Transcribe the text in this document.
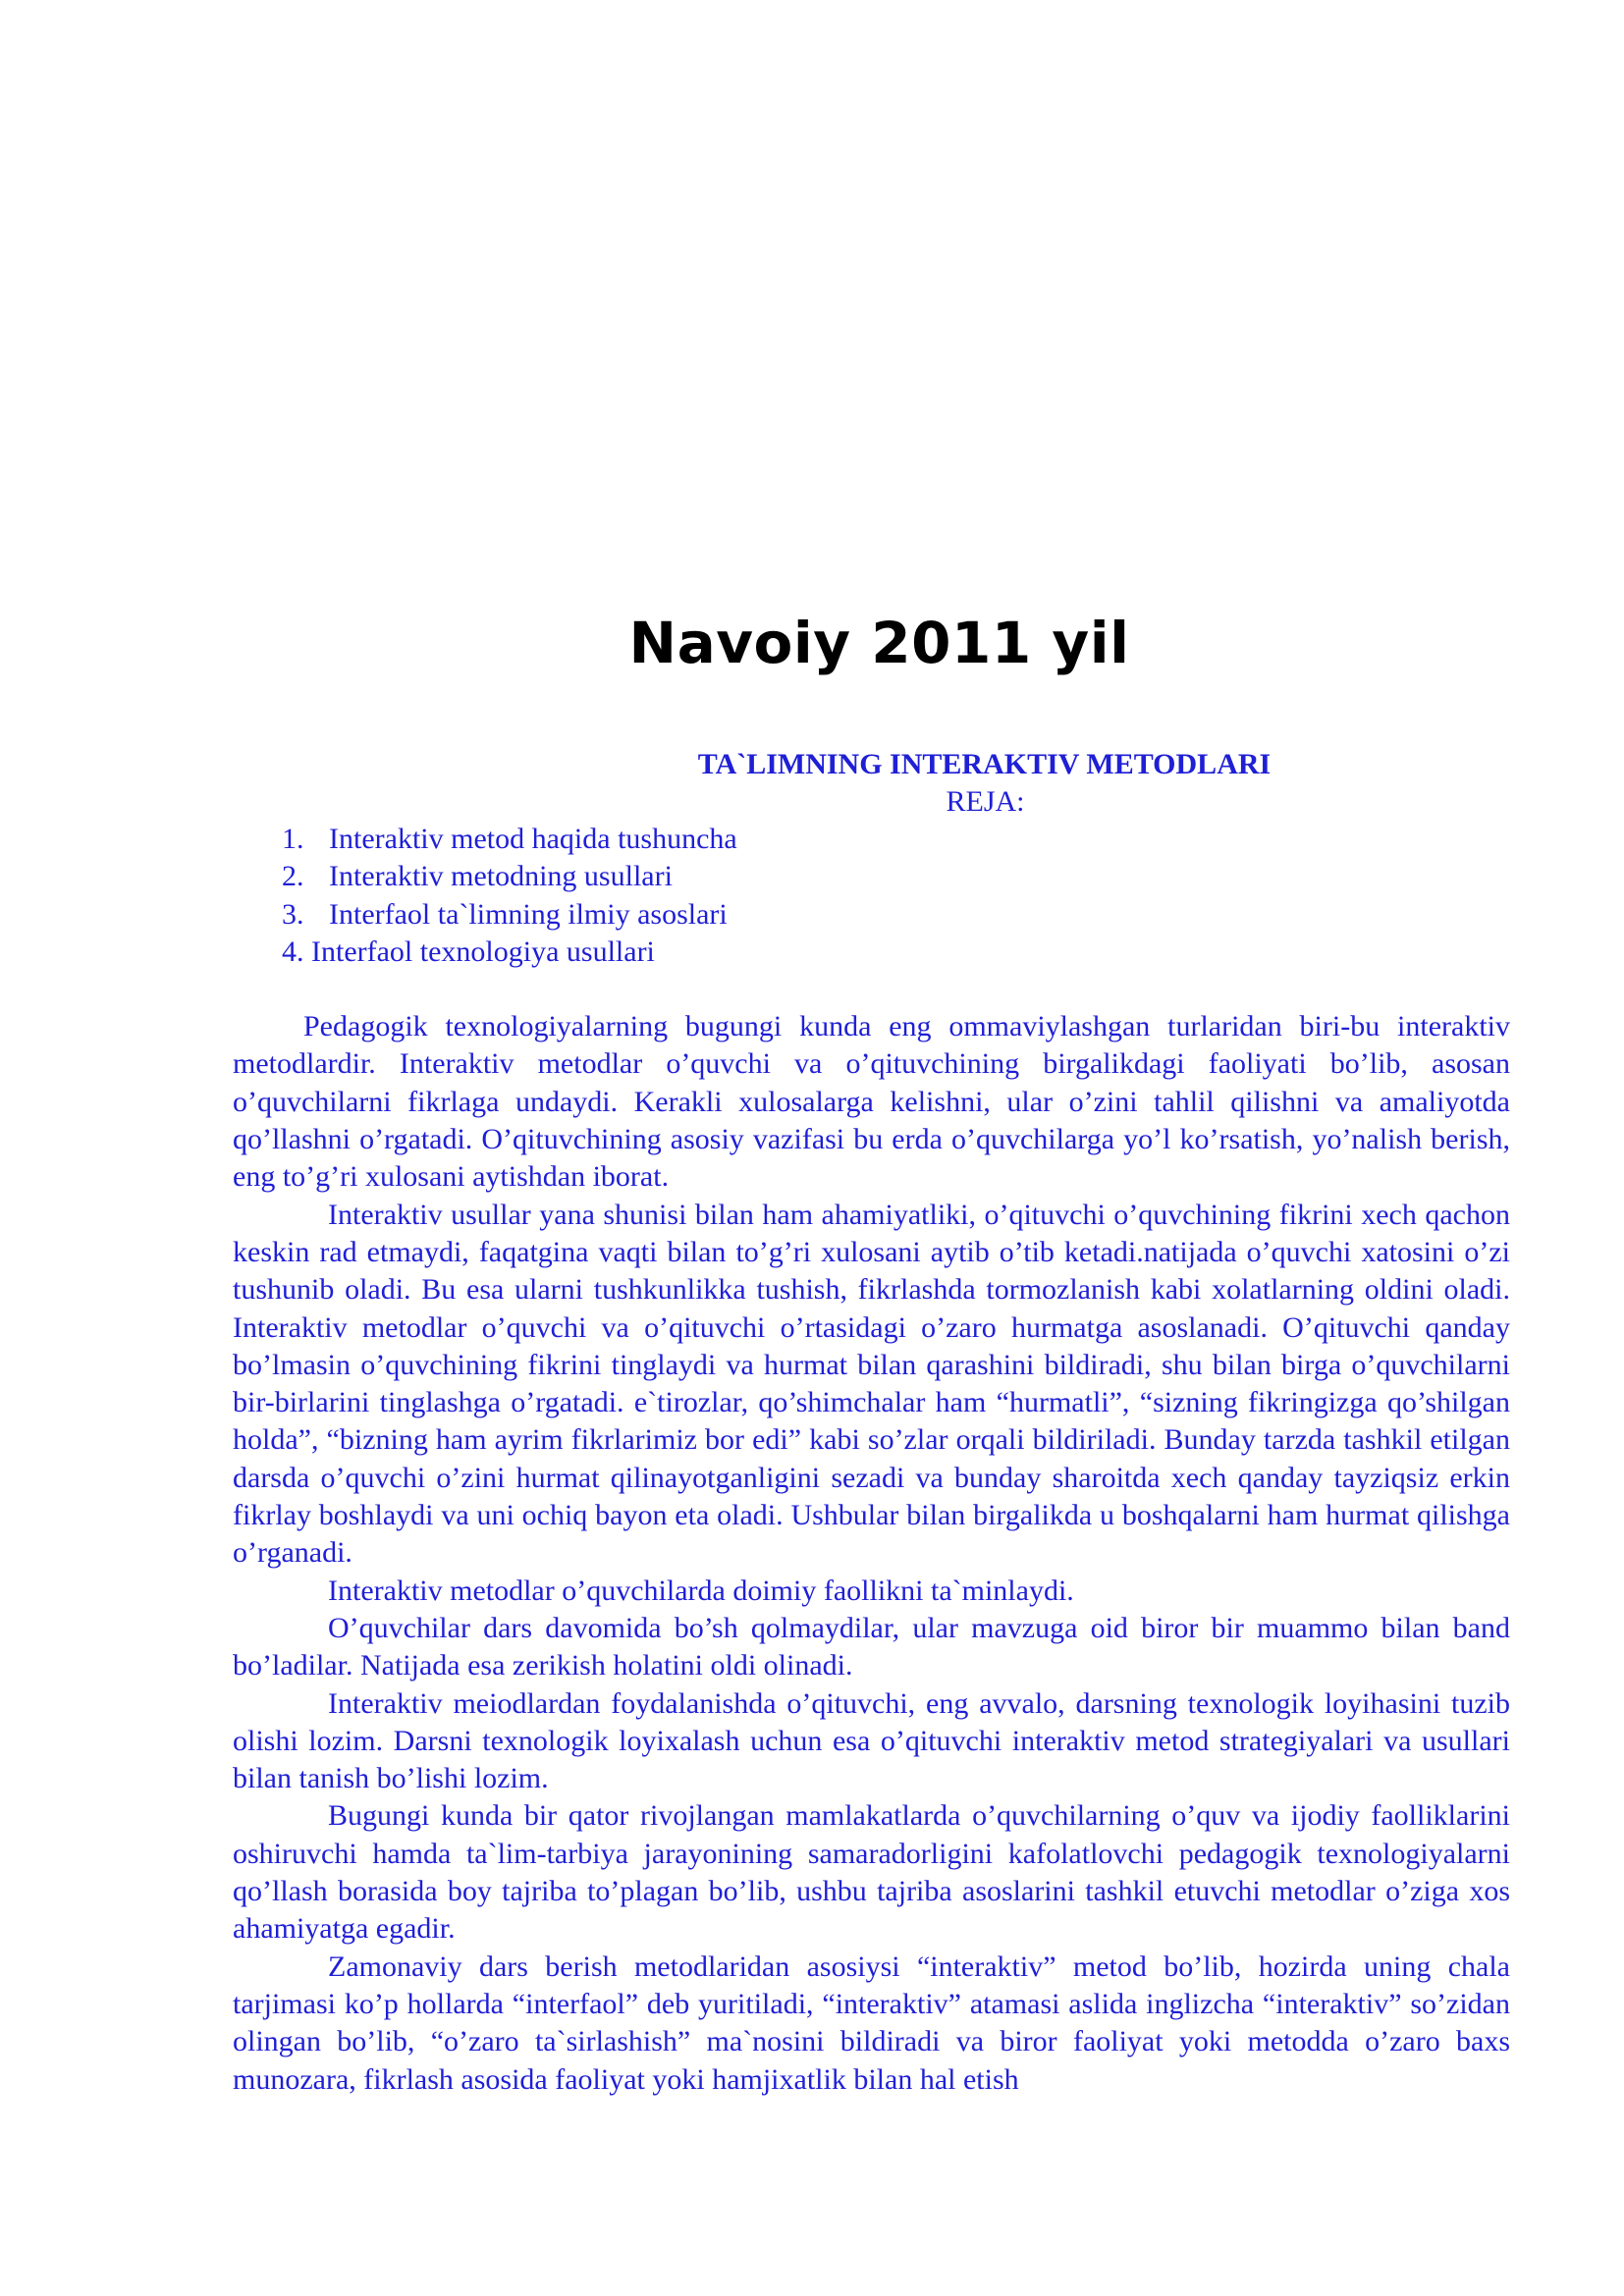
Navoiy 2011 yil

TA`LIMNING INTERAKTIV METODLARI

REJA:

1. Interaktiv metod haqida tushuncha
2. Interaktiv metodning usullari
3. Interfaol ta`limning ilmiy asoslari
4. Interfaol texnologiya usullari

Pedagogik texnologiyalarning bugungi kunda eng ommaviylashgan turlaridan biri-bu interaktiv metodlardir. Interaktiv metodlar o’quvchi va o’qituvchining birgalikdagi faoliyati bo’lib, asosan o’quvchilarni fikrlaga undaydi. Kerakli xulosalarga kelishni, ular o’zini tahlil qilishni va amaliyotda qo’llashni o’rgatadi. O’qituvchining asosiy vazifasi bu erda o’quvchilarga yo’l ko’rsatish, yo’nalish berish, eng to’g’ri xulosani aytishdan iborat.

Interaktiv usullar yana shunisi bilan ham ahamiyatliki, o’qituvchi o’quvchining fikrini xech qachon keskin rad etmaydi, faqatgina vaqti bilan to’g’ri xulosani aytib o’tib ketadi.natijada o’quvchi xatosini o’zi tushunib oladi. Bu esa ularni tushkunlikka tushish, fikrlashda tormozlanish kabi xolatlarning oldini oladi. Interaktiv metodlar o’quvchi va o’qituvchi o’rtasidagi o’zaro hurmatga asoslanadi. O’qituvchi qanday bo’lmasin o’quvchining fikrini tinglaydi va hurmat bilan qarashini bildiradi, shu bilan birga o’quvchilarni bir-birlarini tinglashga o’rgatadi. e`tirozlar, qo’shimchalar ham “hurmatli”, “sizning fikringizga qo’shilgan holda”, “bizning ham ayrim fikrlarimiz bor edi” kabi so’zlar orqali bildiriladi. Bunday tarzda tashkil etilgan darsda o’quvchi o’zini hurmat qilinayotganligini sezadi va bunday sharoitda xech qanday tayziqsiz erkin fikrlay boshlaydi va uni ochiq bayon eta oladi. Ushbular bilan birgalikda u boshqalarni ham hurmat qilishga o’rganadi.

Interaktiv metodlar o’quvchilarda doimiy faollikni ta`minlaydi.

O’quvchilar dars davomida bo’sh qolmaydilar, ular mavzuga oid biror bir muammo bilan band bo’ladilar. Natijada esa zerikish holatini oldi olinadi.

Interaktiv meiodlardan foydalanishda o’qituvchi, eng avvalo, darsning texnologik loyihasini tuzib olishi lozim. Darsni texnologik loyixalash uchun esa o’qituvchi interaktiv metod strategiyalari va usullari bilan tanish bo’lishi lozim.

Bugungi kunda bir qator rivojlangan mamlakatlarda o’quvchilarning o’quv va ijodiy faolliklarini oshiruvchi hamda ta`lim-tarbiya jarayonining samaradorligini kafolatlovchi pedagogik texnologiyalarni qo’llash borasida boy tajriba to’plagan bo’lib, ushbu tajriba asoslarini tashkil etuvchi metodlar o’ziga xos ahamiyatga egadir.

Zamonaviy dars berish metodlaridan asosiysi “interaktiv” metod bo’lib, hozirda uning chala tarjimasi ko’p hollarda “interfaol” deb yuritiladi, “interaktiv” atamasi aslida inglizcha “interaktiv” so’zidan olingan bo’lib, “o’zaro ta`sirlashish” ma`nosini bildiradi va biror faoliyat yoki metodda o’zaro baxs munozara, fikrlash asosida faoliyat yoki hamjixatlik bilan hal etish
